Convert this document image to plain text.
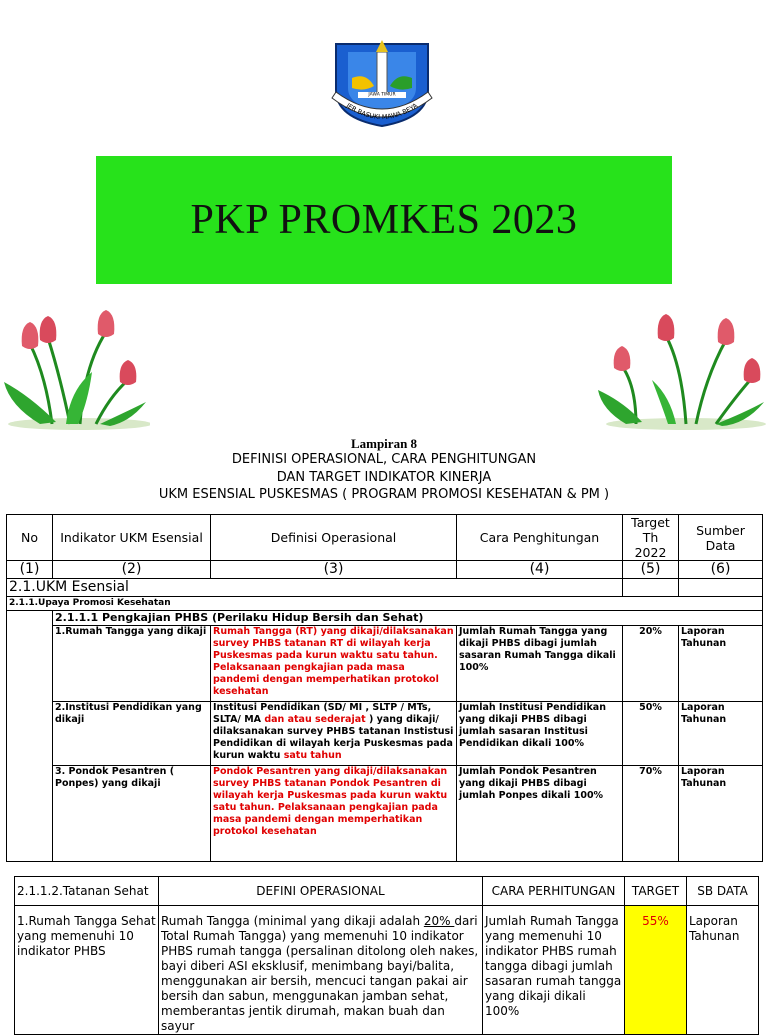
JER BASUKI MAWA BEYA
JAWA TIMUR
PKP PROMKES 2023
Lampiran 8
DEFINISI OPERASIONAL, CARA PENGHITUNGAN
DAN TARGET INDIKATOR KINERJA
UKM ESENSIAL PUSKESMAS ( PROGRAM PROMOSI KESEHATAN & PM )
No	Indikator UKM Esensial	Definisi Operasional	Cara Penghitungan	Target Th 2022	Sumber Data
(1)	(2)	(3)	(4)	(5)	(6)
2.1.UKM Esensial					
2.1.1.Upaya Promosi Kesehatan					
	2.1.1.1 Pengkajian PHBS (Perilaku Hidup Bersih dan Sehat)				
	1.Rumah Tangga yang dikaji	Rumah Tangga (RT) yang dikaji/dilaksanakan survey PHBS tatanan RT di wilayah kerja Puskesmas pada kurun waktu satu tahun. Pelaksanaan pengkajian pada masa pandemi dengan memperhatikan protokol kesehatan	Jumlah Rumah Tangga yang dikaji PHBS dibagi jumlah sasaran Rumah Tangga dikali 100%	20%	Laporan Tahunan
	2.Institusi Pendidikan yang dikaji	Institusi Pendidikan (SD/ MI , SLTP / MTs, SLTA/ MA dan atau sederajat ) yang dikaji/ dilaksanakan survey PHBS tatanan Instistusi Pendidikan di wilayah kerja Puskesmas pada kurun waktu satu tahun	Jumlah Institusi Pendidikan yang dikaji PHBS dibagi jumlah sasaran Institusi Pendidikan dikali 100%	50%	Laporan Tahunan
	3. Pondok Pesantren ( Ponpes) yang dikaji	Pondok Pesantren yang dikaji/dilaksanakan survey PHBS tatanan Pondok Pesantren di wilayah kerja Puskesmas pada kurun waktu satu tahun. Pelaksanaan pengkajian pada masa pandemi dengan memperhatikan protokol kesehatan	Jumlah Pondok Pesantren yang dikaji PHBS dibagi jumlah Ponpes dikali 100%	70%	Laporan Tahunan
2.1.1.2.Tatanan Sehat	DEFINI OPERASIONAL	CARA PERHITUNGAN	TARGET	SB DATA

1.Rumah Tangga Sehat yang memenuhi 10 indikator PHBS	Rumah Tangga (minimal yang dikaji adalah 20% dari Total Rumah Tangga) yang memenuhi 10 indikator PHBS rumah tangga (persalinan ditolong oleh nakes, bayi diberi ASI eksklusif, menimbang bayi/balita, menggunakan air bersih, mencuci tangan pakai air bersih dan sabun, menggunakan jamban sehat, memberantas jentik dirumah, makan buah dan sayur	Jumlah Rumah Tangga yang memenuhi 10 indikator PHBS rumah tangga dibagi jumlah sasaran rumah tangga yang dikaji dikali 100%	55%	Laporan Tahunan
